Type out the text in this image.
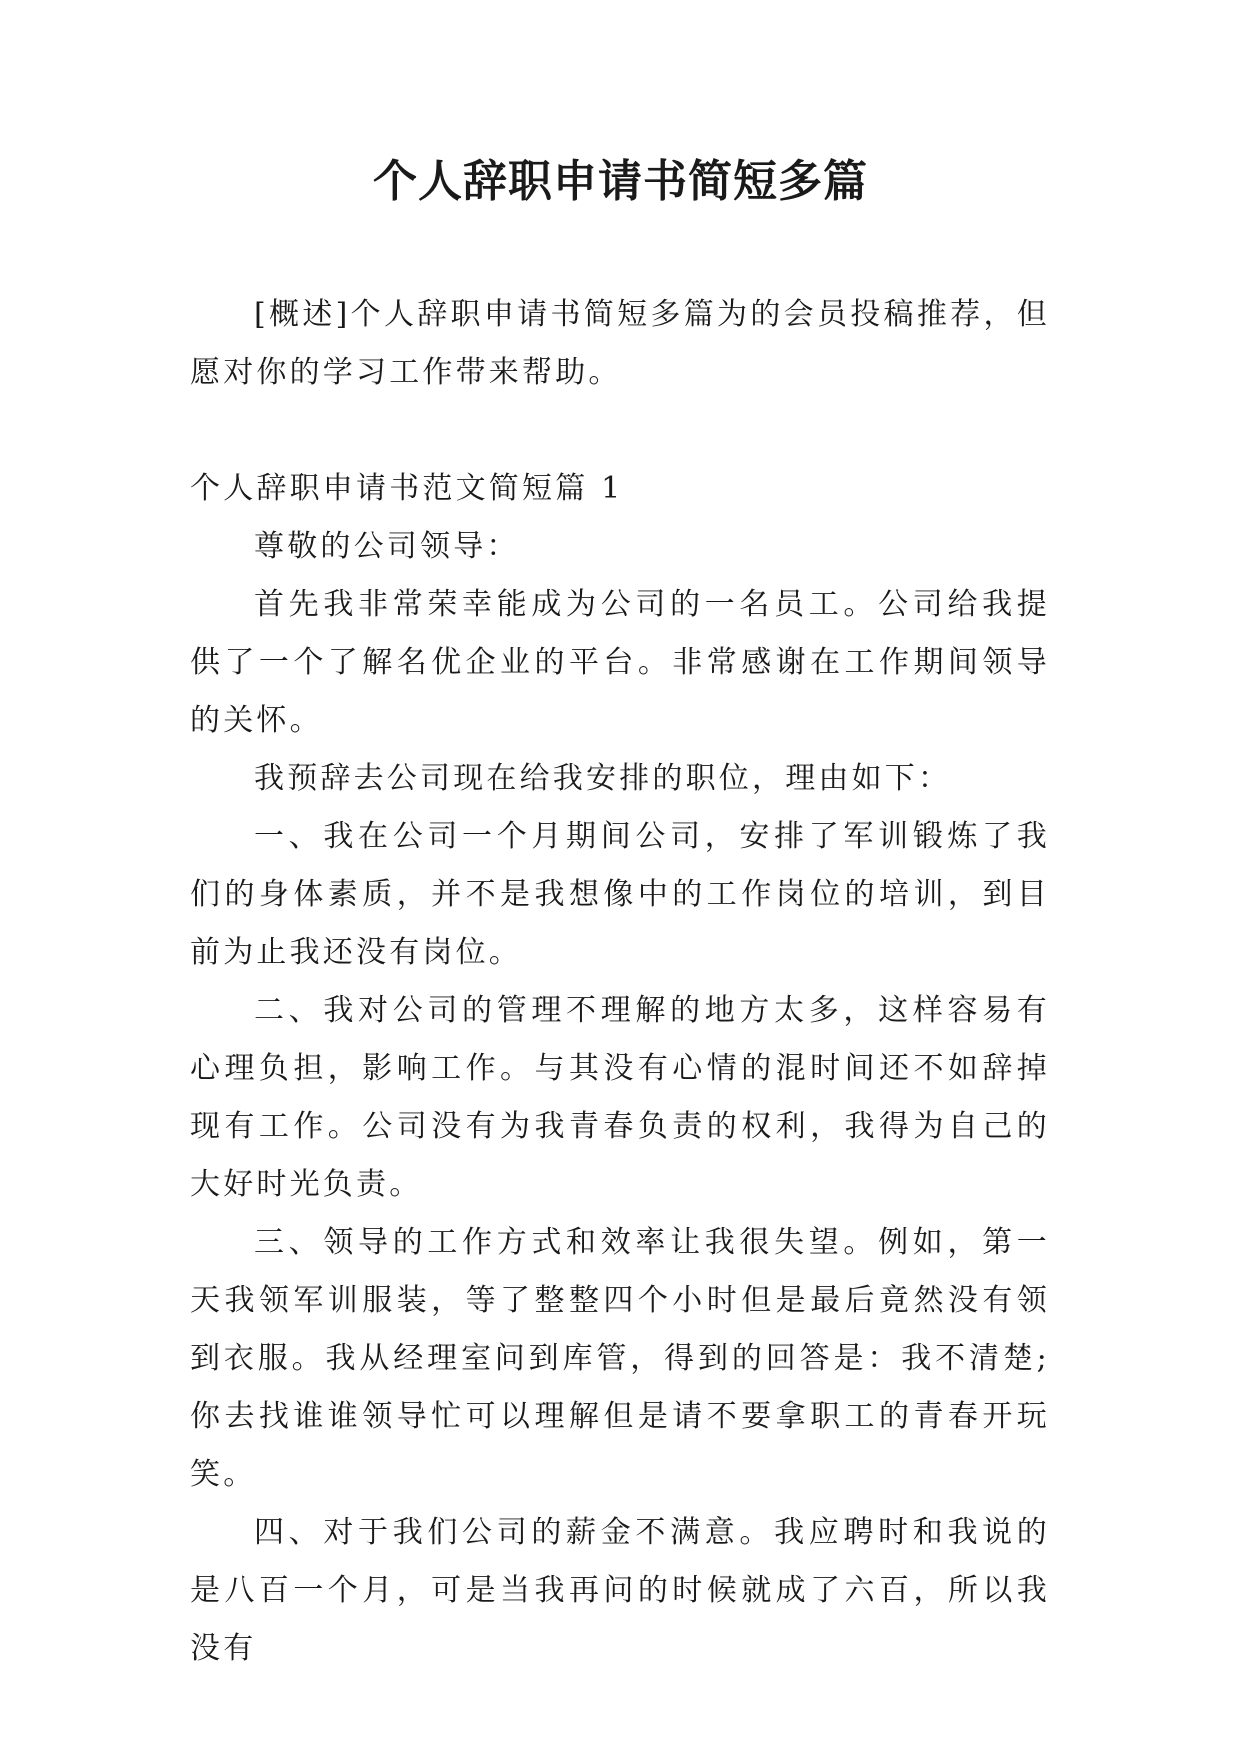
个人辞职申请书简短多篇

[概述]个人辞职申请书简短多篇为的会员投稿推荐，但愿对你的学习工作带来帮助。

个人辞职申请书范文简短篇 1

尊敬的公司领导：

首先我非常荣幸能成为公司的一名员工。公司给我提供了一个了解名优企业的平台。非常感谢在工作期间领导的关怀。

我预辞去公司现在给我安排的职位，理由如下：

一、我在公司一个月期间公司，安排了军训锻炼了我们的身体素质，并不是我想像中的工作岗位的培训，到目前为止我还没有岗位。

二、我对公司的管理不理解的地方太多，这样容易有心理负担，影响工作。与其没有心情的混时间还不如辞掉现有工作。公司没有为我青春负责的权利，我得为自己的大好时光负责。

三、领导的工作方式和效率让我很失望。例如，第一天我领军训服装，等了整整四个小时但是最后竟然没有领到衣服。我从经理室问到库管，得到的回答是：我不清楚;你去找谁谁领导忙可以理解但是请不要拿职工的青春开玩笑。

四、对于我们公司的薪金不满意。我应聘时和我说的是八百一个月，可是当我再问的时候就成了六百，所以我没有
